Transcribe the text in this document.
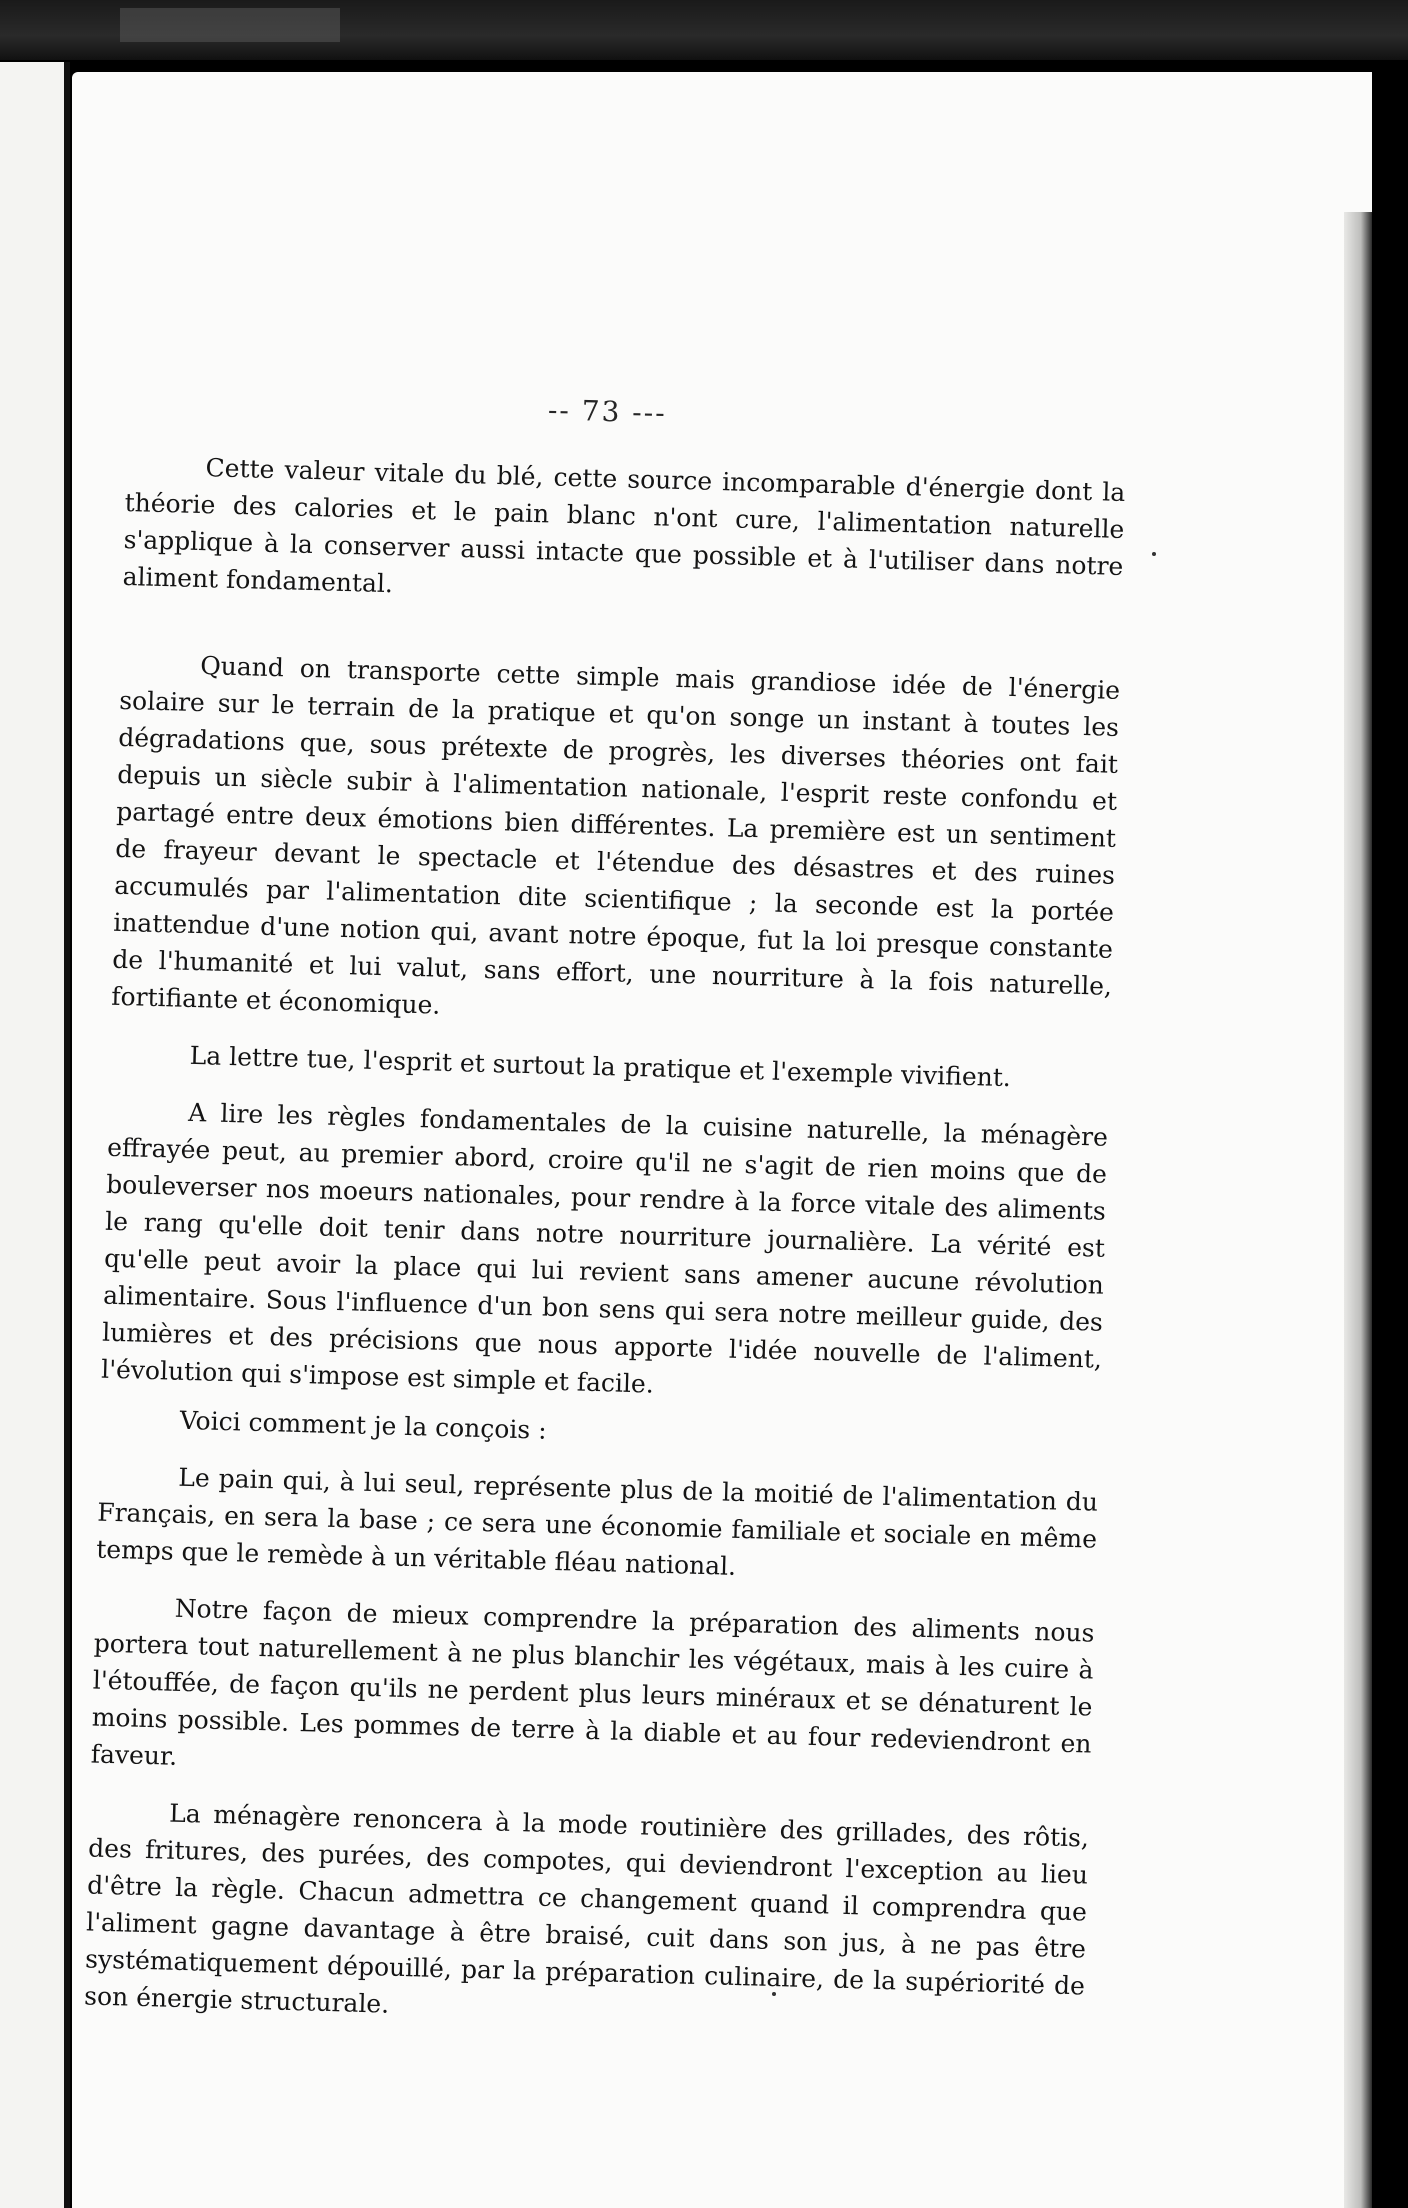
-- 73 ---

Cette valeur vitale du blé, cette source incomparable d'énergie dont la théorie des calories et le pain blanc n'ont cure, l'alimentation naturelle s'applique à la conserver aussi intacte que possible et à l'utiliser dans notre aliment fondamental.

Quand on transporte cette simple mais grandiose idée de l'énergie solaire sur le terrain de la pratique et qu'on songe un instant à toutes les dégradations que, sous prétexte de progrès, les diverses théories ont fait depuis un siècle subir à l'alimentation nationale, l'esprit reste confondu et partagé entre deux émotions bien différentes. La première est un sentiment de frayeur devant le spectacle et l'étendue des désastres et des ruines accumulés par l'alimentation dite scientifique ; la seconde est la portée inattendue d'une notion qui, avant notre époque, fut la loi presque constante de l'humanité et lui valut, sans effort, une nourriture à la fois naturelle, fortifiante et économique.

La lettre tue, l'esprit et surtout la pratique et l'exemple vivifient.

A lire les règles fondamentales de la cuisine naturelle, la ménagère effrayée peut, au premier abord, croire qu'il ne s'agit de rien moins que de bouleverser nos moeurs nationales, pour rendre à la force vitale des aliments le rang qu'elle doit tenir dans notre nourriture journalière. La vérité est qu'elle peut avoir la place qui lui revient sans amener aucune révolution alimentaire. Sous l'influence d'un bon sens qui sera notre meilleur guide, des lumières et des précisions que nous apporte l'idée nouvelle de l'aliment, l'évolution qui s'impose est simple et facile.

Voici comment je la conçois :

Le pain qui, à lui seul, représente plus de la moitié de l'alimentation du Français, en sera la base ; ce sera une économie familiale et sociale en même temps que le remède à un véritable fléau national.

Notre façon de mieux comprendre la préparation des aliments nous portera tout naturellement à ne plus blanchir les végétaux, mais à les cuire à l'étouffée, de façon qu'ils ne perdent plus leurs minéraux et se dénaturent le moins possible. Les pommes de terre à la diable et au four redeviendront en faveur.

La ménagère renoncera à la mode routinière des grillades, des rôtis, des fritures, des purées, des compotes, qui deviendront l'exception au lieu d'être la règle. Chacun admettra ce changement quand il comprendra que l'aliment gagne davantage à être braisé, cuit dans son jus, à ne pas être systématiquement dépouillé, par la préparation culinaire, de la supériorité de son énergie structurale.
